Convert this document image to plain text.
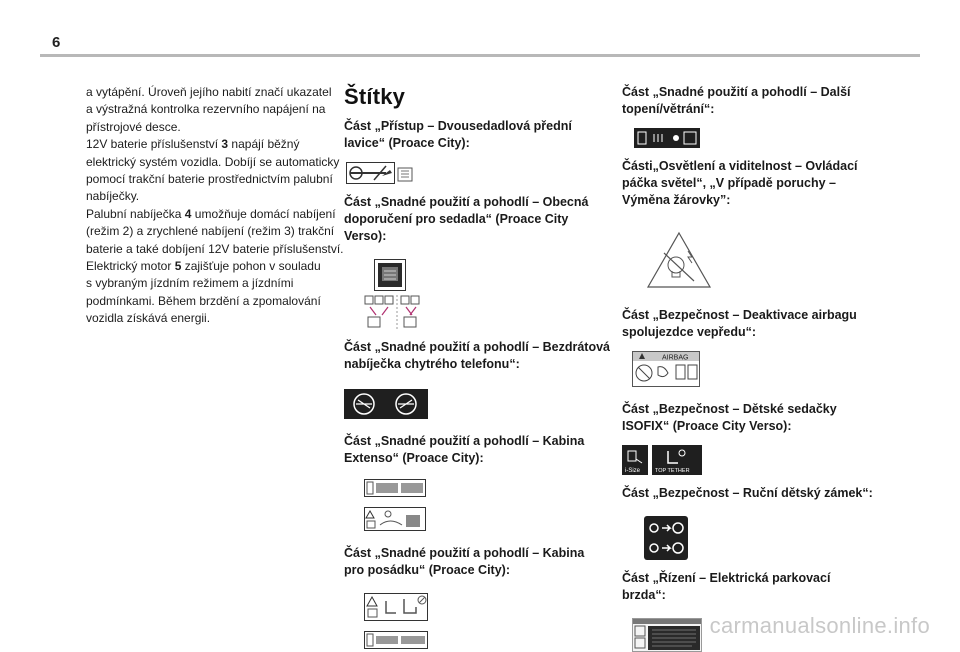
6

a vytápění. Úroveň jejího nabití značí ukazatel
a výstražná kontrolka rezervního napájení na
přístrojové desce.

12V baterie příslušenství 3 napájí běžný
elektrický systém vozidla. Dobíjí se automaticky
pomocí trakční baterie prostřednictvím palubní
nabíječky.

Palubní nabíječka 4 umožňuje domácí nabíjení
(režim 2) a zrychlené nabíjení (režim 3) trakční
baterie a také dobíjení 12V baterie příslušenství.

Elektrický motor 5 zajišťuje pohon v souladu
s vybraným jízdním režimem a jízdními
podmínkami. Během brzdění a zpomalování
vozidla získává energii.

Štítky
Část „Přístup – Dvousedadlová přední lavice“ (Proace City):
Část „Snadné použití a pohodlí – Obecná doporučení pro sedadla“ (Proace City Verso):
Část „Snadné použití a pohodlí – Bezdrátová nabíječka chytrého telefonu“:
Část „Snadné použití a pohodlí – Kabina Extenso“ (Proace City):
Část „Snadné použití a pohodlí – Kabina pro posádku“ (Proace City):
Část „Snadné použití a pohodlí – Další topení/větrání“:
Části„Osvětlení a viditelnost – Ovládací páčka světel“, „V případě poruchy – Výměna žárovky”:
Část „Bezpečnost – Deaktivace airbagu spolujezdce vepředu“:
AIRBAG
Část „Bezpečnost – Dětské sedačky ISOFIX“ (Proace City Verso):
i-Size	TOP TETHER
Část „Bezpečnost – Ruční dětský zámek“:
Část „Řízení – Elektrická parkovací brzda“:
carmanualsonline.info
